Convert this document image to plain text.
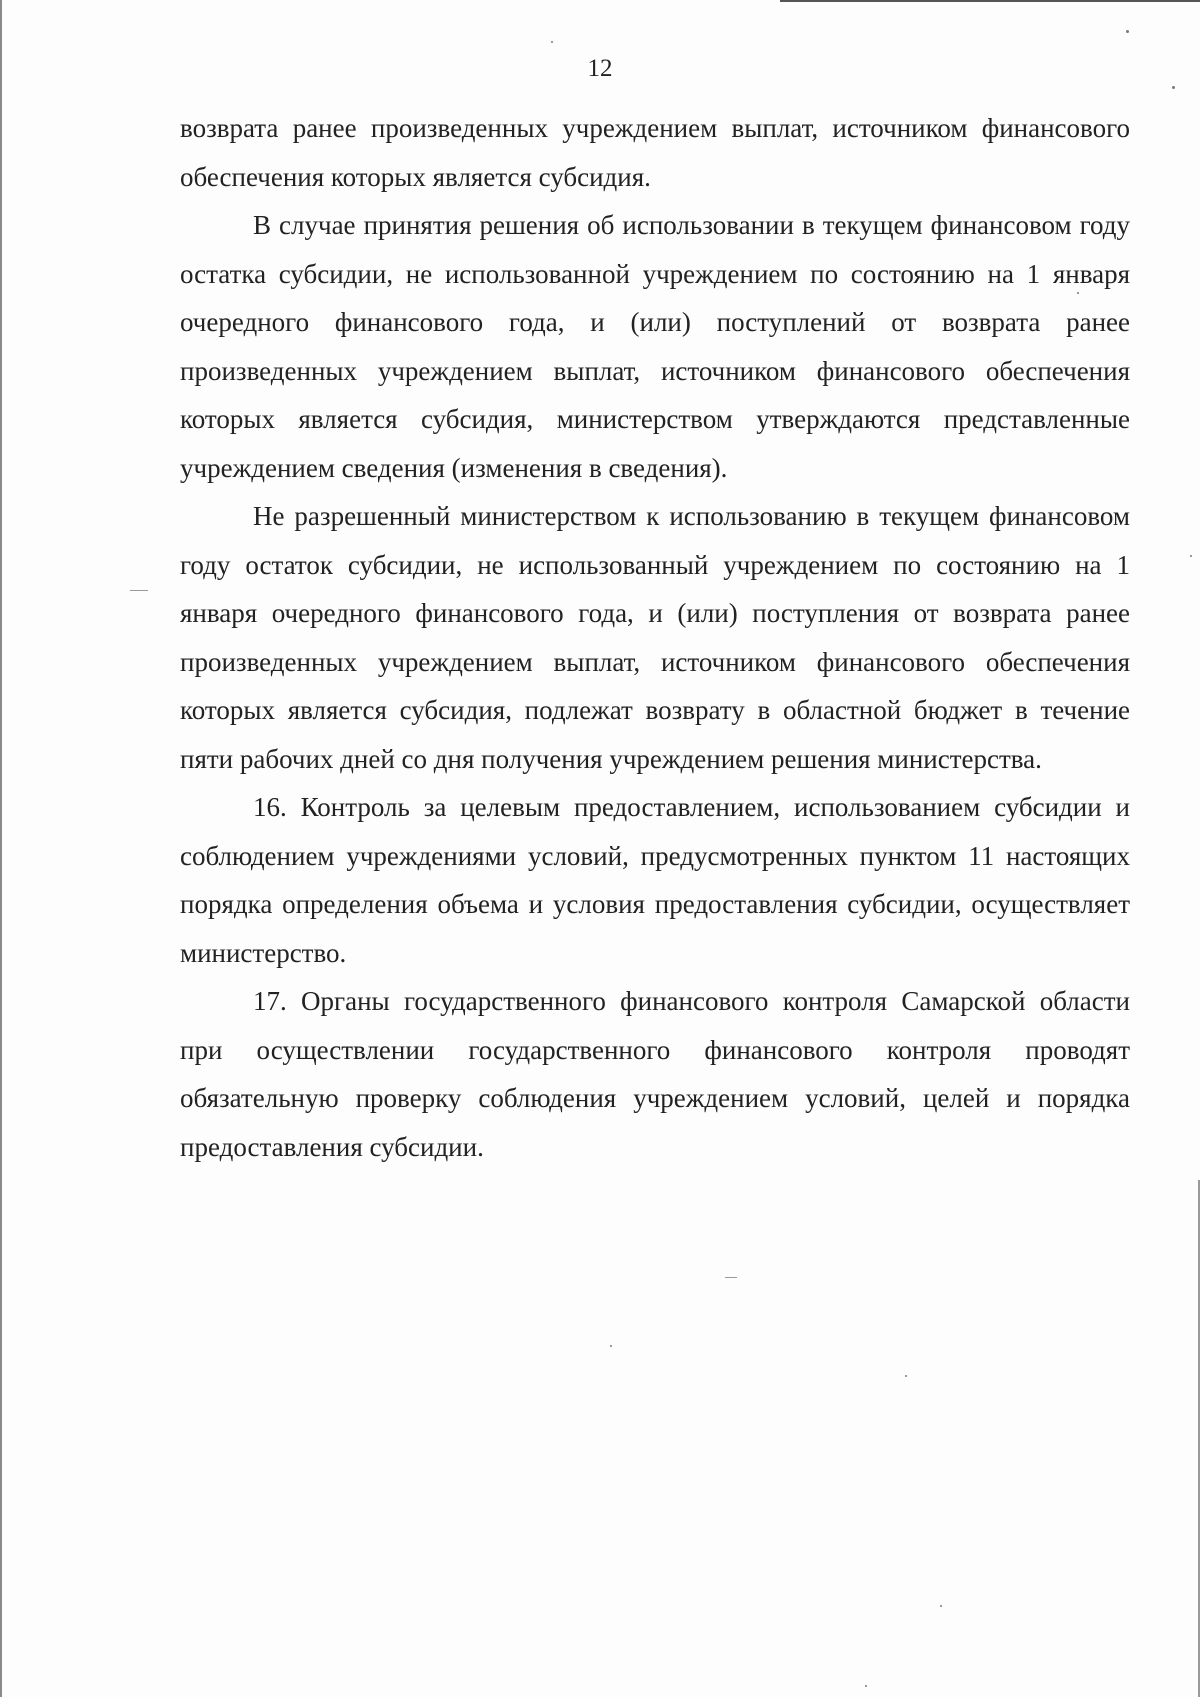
12

возврата ранее произведенных учреждением выплат, источником финансового обеспечения которых является субсидия.

В случае принятия решения об использовании в текущем финансовом году остатка субсидии, не использованной учреждением по состоянию на 1 января очередного финансового года, и (или) поступлений от возврата ранее произведенных учреждением выплат, источником финансового обеспечения которых является субсидия, министерством утверждаются представленные учреждением сведения (изменения в сведения).

Не разрешенный министерством к использованию в текущем финансовом году остаток субсидии, не использованный учреждением по состоянию на 1 января очередного финансового года, и (или) поступления от возврата ранее произведенных учреждением выплат, источником финансового обеспечения которых является субсидия, подлежат возврату в областной бюджет в течение пяти рабочих дней со дня получения учреждением решения министерства.

16. Контроль за целевым предоставлением, использованием субсидии и соблюдением учреждениями условий, предусмотренных пунктом 11 настоящих порядка определения объема и условия предоставления субсидии, осуществляет министерство.

17. Органы государственного финансового контроля Самарской области при осуществлении государственного финансового контроля проводят обязательную проверку соблюдения учреждением условий, целей и порядка предоставления субсидии.
